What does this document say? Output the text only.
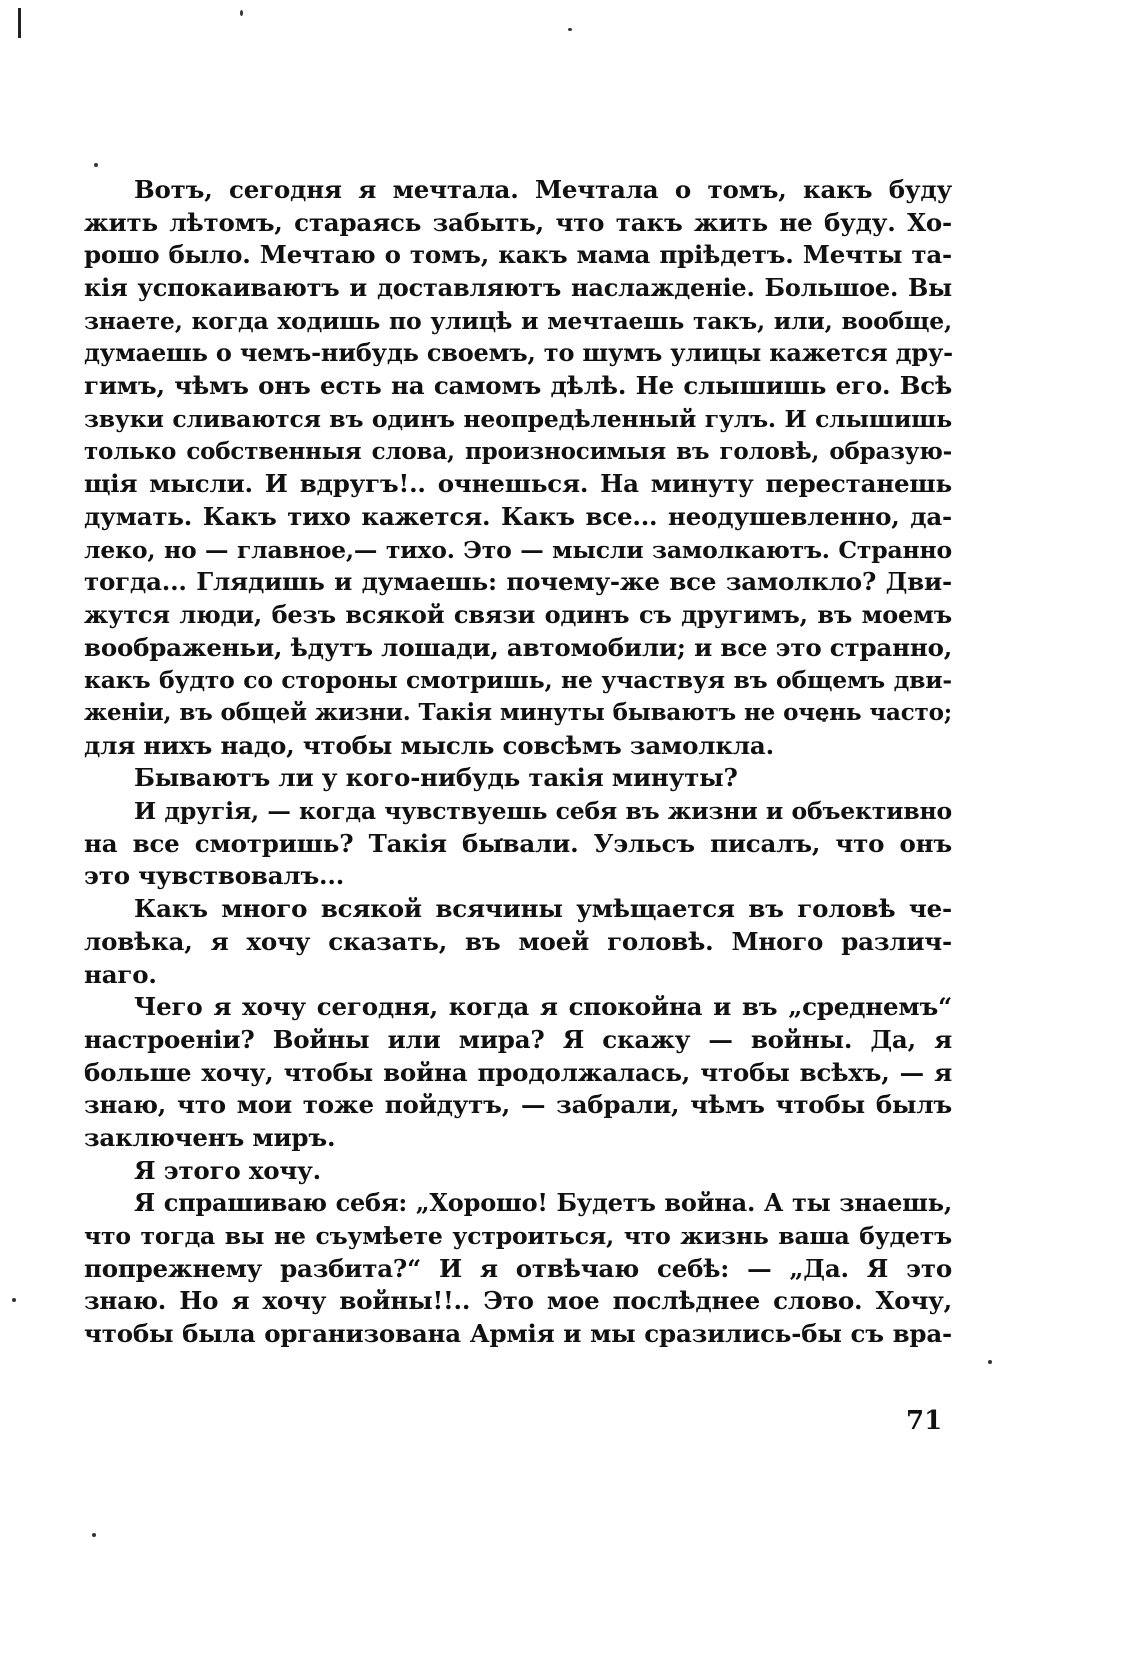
Вотъ, сегодня я мечтала. Мечтала о томъ, какъ буду
жить лѣтомъ, стараясь забыть, что такъ жить не буду. Хо-
рошо было. Мечтаю о томъ, какъ мама пріѣдетъ. Мечты та-
кія успокаиваютъ и доставляютъ наслажденіе. Большое. Вы
знаете, когда ходишь по улицѣ и мечтаешь такъ, или, вообще,
думаешь о чемъ-нибудь своемъ, то шумъ улицы кажется дру-
гимъ, чѣмъ онъ есть на самомъ дѣлѣ. Не слышишь его. Всѣ
звуки сливаются въ одинъ неопредѣленный гулъ. И слышишь
только собственныя слова, произносимыя въ головѣ, образую-
щія мысли. И вдругъ!.. очнешься. На минуту перестанешь
думать. Какъ тихо кажется. Какъ все... неодушевленно, да-
леко, но — главное,— тихо. Это — мысли замолкаютъ. Странно
тогда... Глядишь и думаешь: почему-же все замолкло? Дви-
жутся люди, безъ всякой связи одинъ съ другимъ, въ моемъ
воображеньи, ѣдутъ лошади, автомобили; и все это странно,
какъ будто со стороны смотришь, не участвуя въ общемъ дви-
женіи, въ общей жизни. Такія минуты бываютъ не очень часто;
для нихъ надо, чтобы мысль совсѣмъ замолкла.
Бываютъ ли у кого-нибудь такія минуты?
И другія, — когда чувствуешь себя въ жизни и объективно
на все смотришь? Такія бывали. Уэльсъ писалъ, что онъ
это чувствовалъ...
Какъ много всякой всячины умѣщается въ головѣ че-
ловѣка, я хочу сказать, въ моей головѣ. Много различ-
наго.
Чего я хочу сегодня, когда я спокойна и въ „среднемъ“
настроеніи? Войны или мира? Я скажу — войны. Да, я
больше хочу, чтобы война продолжалась, чтобы всѣхъ, — я
знаю, что мои тоже пойдутъ, — забрали, чѣмъ чтобы былъ
заключенъ миръ.
Я этого хочу.
Я спрашиваю себя: „Хорошо! Будетъ война. А ты знаешь,
что тогда вы не съумѣете устроиться, что жизнь ваша будетъ
попрежнему разбита?“ И я отвѣчаю себѣ: — „Да. Я это
знаю. Но я хочу войны!!.. Это мое послѣднее слово. Хочу,
чтобы была организована Армія и мы сразились-бы съ вра-
71
